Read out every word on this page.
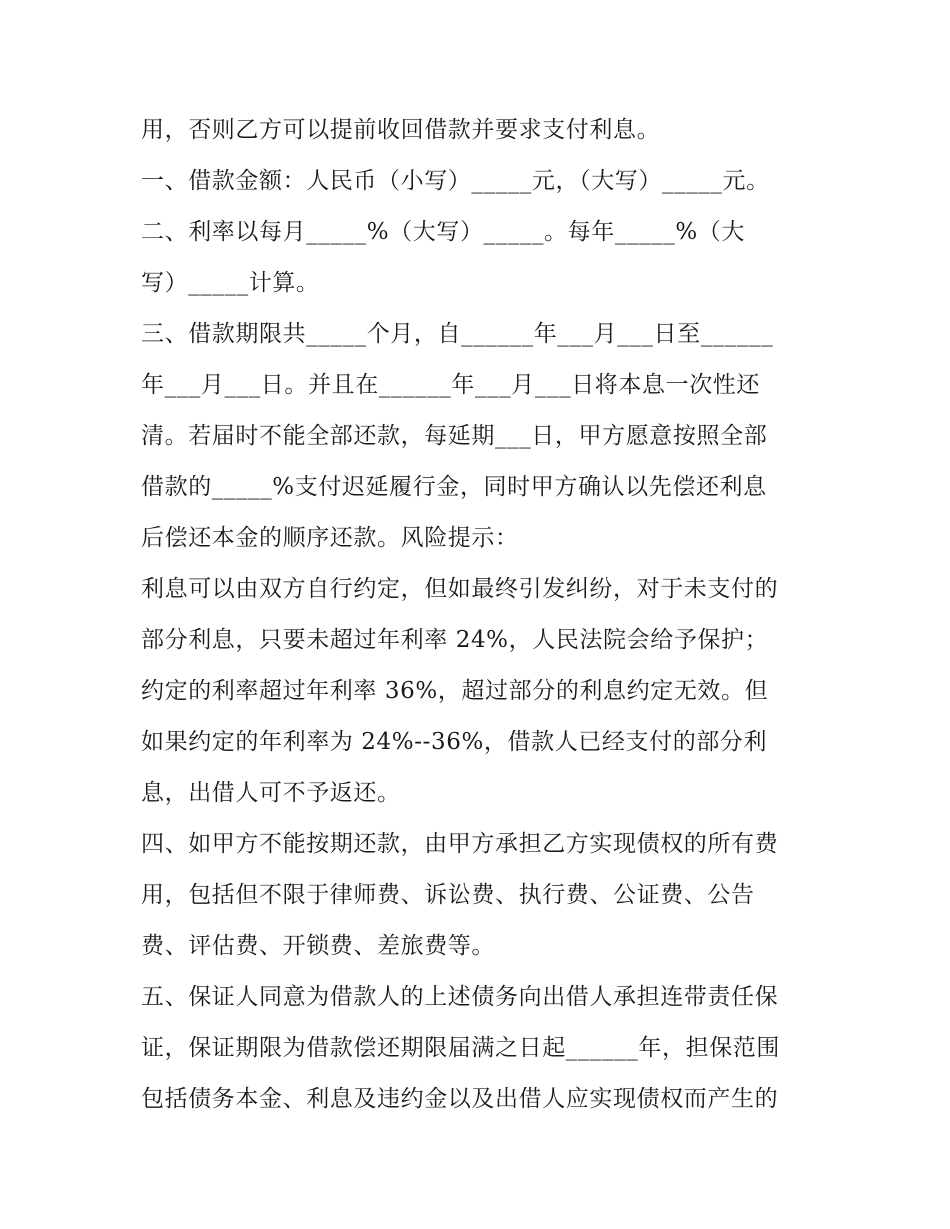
用，否则乙方可以提前收回借款并要求支付利息。
一、借款金额：人民币（小写）_____元，（大写）_____元。
二、利率以每月_____%（大写）_____。每年_____%（大
写）_____计算。
三、借款期限共_____个月，自______年___月___日至______
年___月___日。并且在______年___月___日将本息一次性还
清。若届时不能全部还款，每延期___日，甲方愿意按照全部
借款的_____%支付迟延履行金，同时甲方确认以先偿还利息
后偿还本金的顺序还款。风险提示：
利息可以由双方自行约定，但如最终引发纠纷，对于未支付的
部分利息，只要未超过年利率 24%，人民法院会给予保护；
约定的利率超过年利率 36%，超过部分的利息约定无效。但
如果约定的年利率为 24%--36%，借款人已经支付的部分利
息，出借人可不予返还。
四、如甲方不能按期还款，由甲方承担乙方实现债权的所有费
用，包括但不限于律师费、诉讼费、执行费、公证费、公告
费、评估费、开锁费、差旅费等。
五、保证人同意为借款人的上述债务向出借人承担连带责任保
证，保证期限为借款偿还期限届满之日起______年，担保范围
包括债务本金、利息及违约金以及出借人应实现债权而产生的
